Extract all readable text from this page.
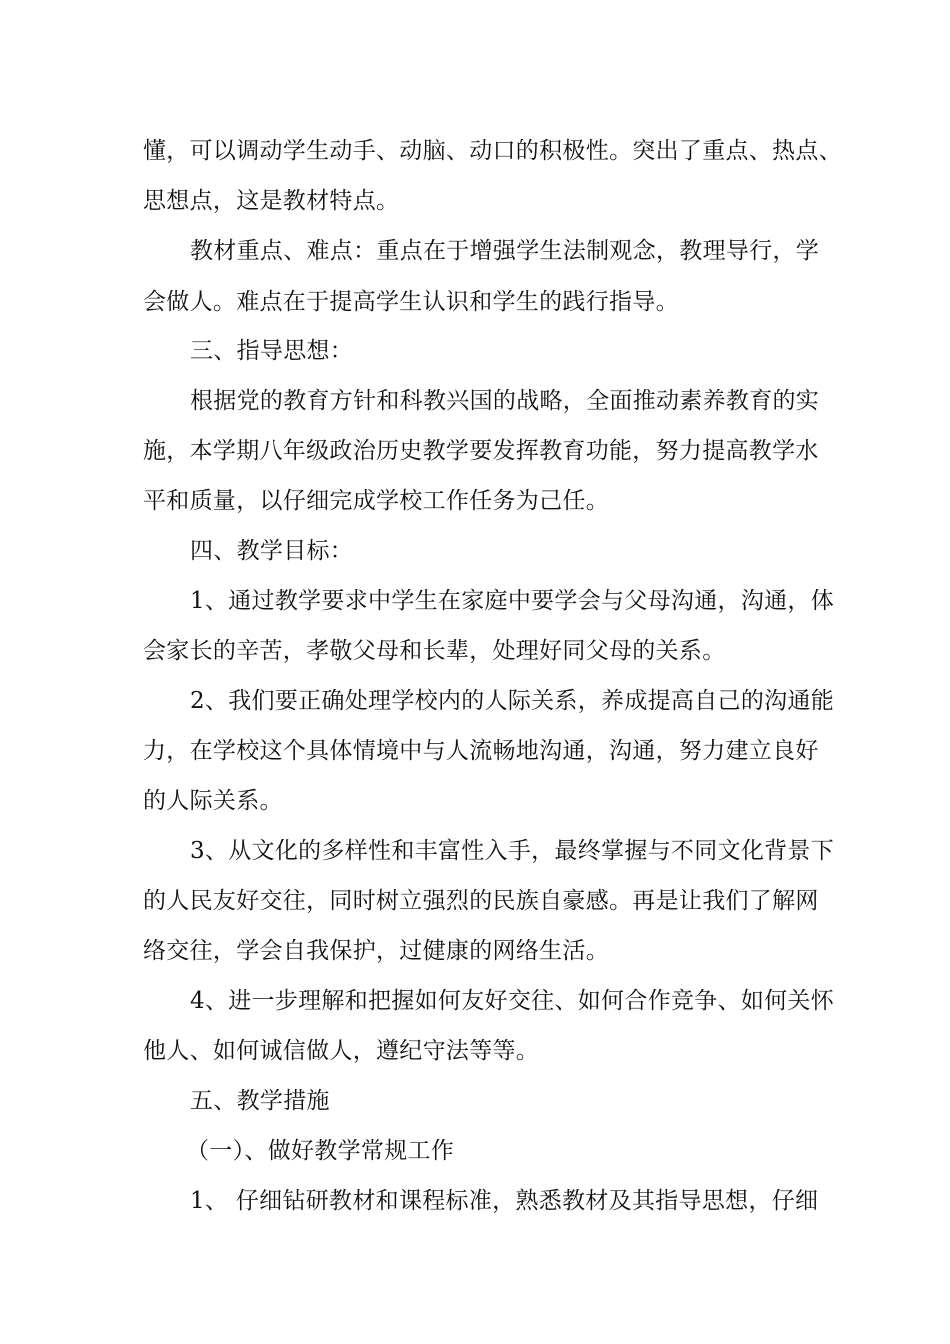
懂，可以调动学生动手、动脑、动口的积极性。突出了重点、热点、
思想点，这是教材特点。
教材重点、难点：重点在于增强学生法制观念，教理导行，学
会做人。难点在于提高学生认识和学生的践行指导。
三、指导思想：
根据党的教育方针和科教兴国的战略，全面推动素养教育的实
施，本学期八年级政治历史教学要发挥教育功能，努力提高教学水
平和质量，以仔细完成学校工作任务为己任。
四、教学目标：
1、通过教学要求中学生在家庭中要学会与父母沟通，沟通，体
会家长的辛苦，孝敬父母和长辈，处理好同父母的关系。
2、我们要正确处理学校内的人际关系，养成提高自己的沟通能
力，在学校这个具体情境中与人流畅地沟通，沟通，努力建立良好
的人际关系。
3、从文化的多样性和丰富性入手，最终掌握与不同文化背景下
的人民友好交往，同时树立强烈的民族自豪感。再是让我们了解网
络交往，学会自我保护，过健康的网络生活。
4、进一步理解和把握如何友好交往、如何合作竞争、如何关怀
他人、如何诚信做人，遵纪守法等等。
五、教学措施
（一）、做好教学常规工作
1、 仔细钻研教材和课程标准，熟悉教材及其指导思想，仔细
